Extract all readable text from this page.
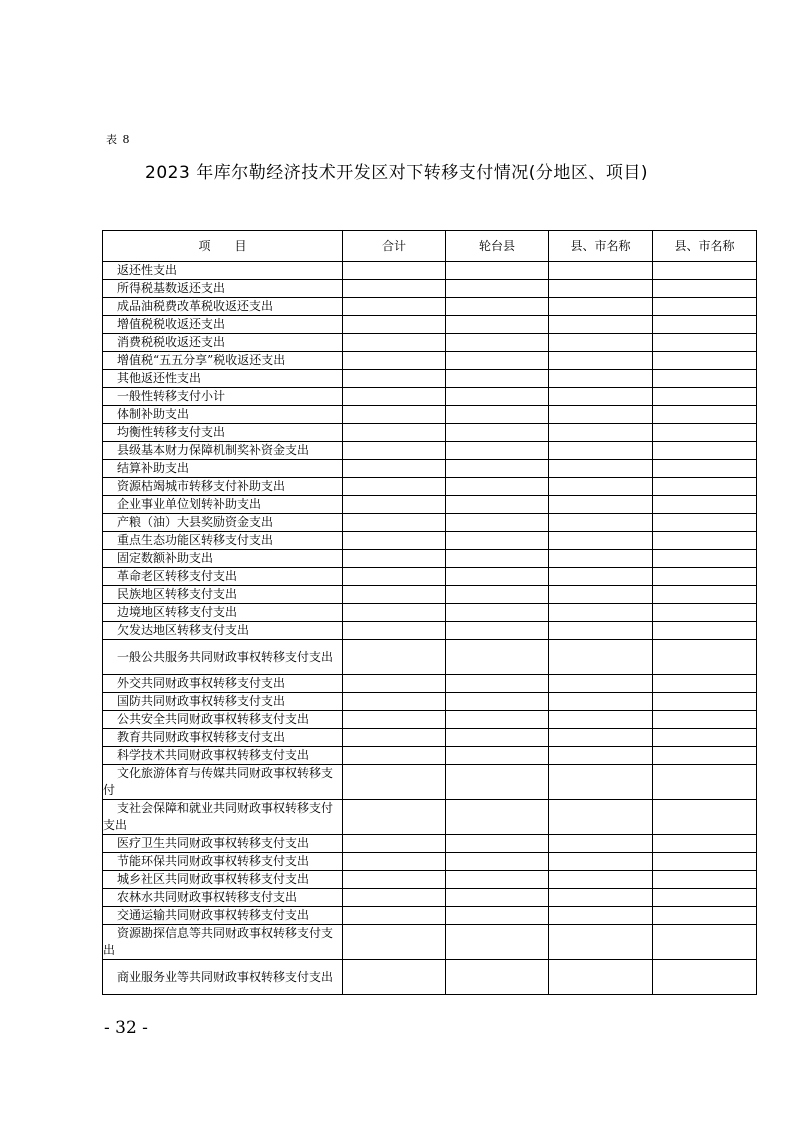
表 8
2023 年库尔勒经济技术开发区对下转移支付情况(分地区、项目)
项　　目	合计	轮台县	县、市名称	县、市名称

返还性支出				

所得税基数返还支出				

成品油税费改革税收返还支出				

增值税税收返还支出				

消费税税收返还支出				

增值税“五五分享”税收返还支出				

其他返还性支出				

一般性转移支付小计				

体制补助支出				

均衡性转移支付支出				

县级基本财力保障机制奖补资金支出				

结算补助支出				

资源枯竭城市转移支付补助支出				

企业事业单位划转补助支出				

产粮（油）大县奖励资金支出				

重点生态功能区转移支付支出				

固定数额补助支出				

革命老区转移支付支出				

民族地区转移支付支出				

边境地区转移支付支出				

欠发达地区转移支付支出				

一般公共服务共同财政事权转移支付支出				

外交共同财政事权转移支付支出				

国防共同财政事权转移支付支出				

公共安全共同财政事权转移支付支出				

教育共同财政事权转移支付支出				

科学技术共同财政事权转移支付支出				

文化旅游体育与传媒共同财政事权转移支付				

支社会保障和就业共同财政事权转移支付支出				

医疗卫生共同财政事权转移支付支出				

节能环保共同财政事权转移支付支出				

城乡社区共同财政事权转移支付支出				

农林水共同财政事权转移支付支出				

交通运输共同财政事权转移支付支出				

资源勘探信息等共同财政事权转移支付支出				

商业服务业等共同财政事权转移支付支出				

- 32 -
